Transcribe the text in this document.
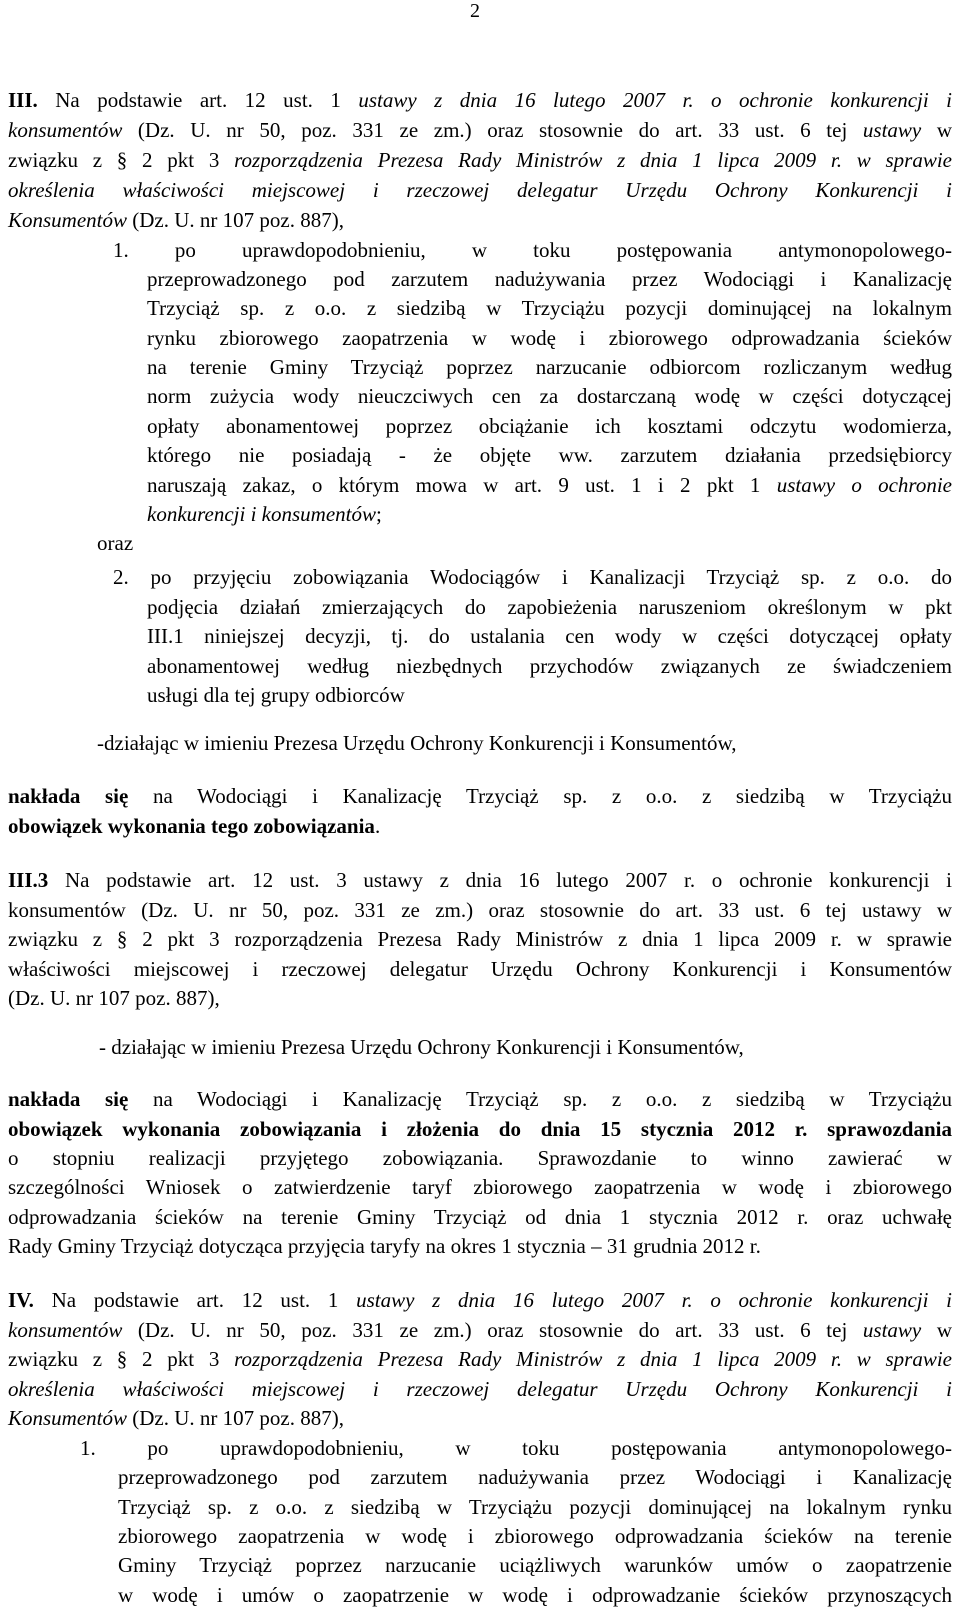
2
III. Na podstawie art. 12 ust. 1 ustawy z dnia 16 lutego 2007 r. o ochronie konkurencji i
konsumentów (Dz. U. nr 50, poz. 331 ze zm.) oraz stosownie do art. 33 ust. 6 tej ustawy w
związku z § 2 pkt 3 rozporządzenia Prezesa Rady Ministrów z dnia 1 lipca 2009 r. w sprawie
określenia właściwości miejscowej i rzeczowej delegatur Urzędu Ochrony Konkurencji i
Konsumentów (Dz. U. nr 107 poz. 887),
1. po uprawdopodobnieniu, w toku postępowania antymonopolowego-
przeprowadzonego pod zarzutem nadużywania przez Wodociągi i Kanalizację
Trzyciąż sp. z o.o. z siedzibą w Trzyciążu pozycji dominującej na lokalnym
rynku zbiorowego zaopatrzenia w wodę i zbiorowego odprowadzania ścieków
na terenie Gminy Trzyciąż poprzez narzucanie odbiorcom rozliczanym według
norm zużycia wody nieuczciwych cen za dostarczaną wodę w części dotyczącej
opłaty abonamentowej poprzez obciążanie ich kosztami odczytu wodomierza,
którego nie posiadają - że objęte ww. zarzutem działania przedsiębiorcy
naruszają zakaz, o którym mowa w art. 9 ust. 1 i 2 pkt 1 ustawy o ochronie
konkurencji i konsumentów;
oraz
2. po przyjęciu zobowiązania Wodociągów i Kanalizacji Trzyciąż sp. z o.o. do
podjęcia działań zmierzających do zapobieżenia naruszeniom określonym w pkt
III.1 niniejszej decyzji, tj. do ustalania cen wody w części dotyczącej opłaty
abonamentowej według niezbędnych przychodów związanych ze świadczeniem
usługi dla tej grupy odbiorców
-działając w imieniu Prezesa Urzędu Ochrony Konkurencji i Konsumentów,
nakłada się na Wodociągi i Kanalizację Trzyciąż sp. z o.o. z siedzibą w Trzyciążu
obowiązek wykonania tego zobowiązania.
III.3 Na podstawie art. 12 ust. 3 ustawy z dnia 16 lutego 2007 r. o ochronie konkurencji i
konsumentów (Dz. U. nr 50, poz. 331 ze zm.) oraz stosownie do art. 33 ust. 6 tej ustawy w
związku z § 2 pkt 3 rozporządzenia Prezesa Rady Ministrów z dnia 1 lipca 2009 r. w sprawie
właściwości miejscowej i rzeczowej delegatur Urzędu Ochrony Konkurencji i Konsumentów
(Dz. U. nr 107 poz. 887),
- działając w imieniu Prezesa Urzędu Ochrony Konkurencji i Konsumentów,
nakłada się na Wodociągi i Kanalizację Trzyciąż sp. z o.o. z siedzibą w Trzyciążu
obowiązek wykonania zobowiązania i złożenia do dnia 15 stycznia 2012 r. sprawozdania
o stopniu realizacji przyjętego zobowiązania. Sprawozdanie to winno zawierać w
szczególności Wniosek o zatwierdzenie taryf zbiorowego zaopatrzenia w wodę i zbiorowego
odprowadzania ścieków na terenie Gminy Trzyciąż od dnia 1 stycznia 2012 r. oraz uchwałę
Rady Gminy Trzyciąż dotycząca przyjęcia taryfy na okres 1 stycznia – 31 grudnia 2012 r.
IV. Na podstawie art. 12 ust. 1 ustawy z dnia 16 lutego 2007 r. o ochronie konkurencji i
konsumentów (Dz. U. nr 50, poz. 331 ze zm.) oraz stosownie do art. 33 ust. 6 tej ustawy w
związku z § 2 pkt 3 rozporządzenia Prezesa Rady Ministrów z dnia 1 lipca 2009 r. w sprawie
określenia właściwości miejscowej i rzeczowej delegatur Urzędu Ochrony Konkurencji i
Konsumentów (Dz. U. nr 107 poz. 887),
1. po uprawdopodobnieniu, w toku postępowania antymonopolowego-
przeprowadzonego pod zarzutem nadużywania przez Wodociągi i Kanalizację
Trzyciąż sp. z o.o. z siedzibą w Trzyciążu pozycji dominującej na lokalnym rynku
zbiorowego zaopatrzenia w wodę i zbiorowego odprowadzania ścieków na terenie
Gminy Trzyciąż poprzez narzucanie uciążliwych warunków umów o zaopatrzenie
w wodę i umów o zaopatrzenie w wodę i odprowadzanie ścieków przynoszących
